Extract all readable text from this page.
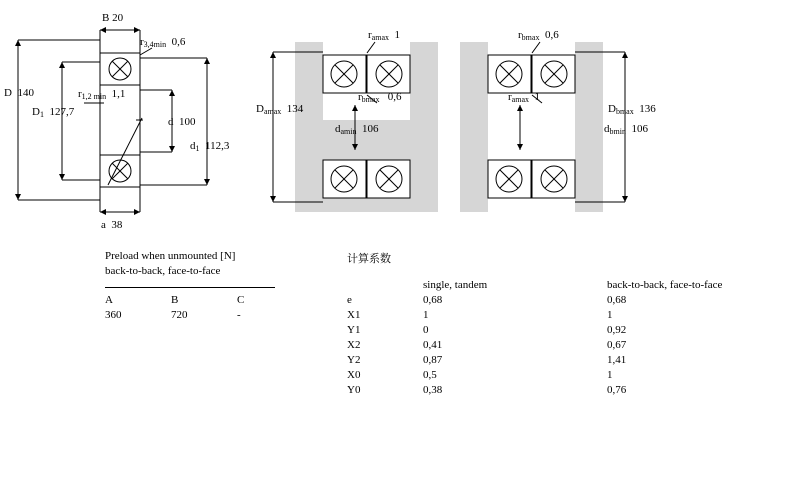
B 20
$r_{3,4min}$  0,6
$r_{1,2 min}$  1,1
D  140
$D_1$  127,7
d  100
$d_1$  112,3
a  38
$r_{amax}$  1	$r_{bmax}$  0,6
$D_{amax}$  134
$r_{bmax}$   0,6	$r_{amax}$  1
$d_{amin}$  106	$d_{bmin}$  106
$D_{bmax}$  136
Preload when unmounted [N]
back-to-back, face-to-face
A	B	C
360	720	-
计算系数
	single, tandem	back-to-back, face-to-face
e	0,68	0,68
X1	1	1
Y1	0	0,92
X2	0,41	0,67
Y2	0,87	1,41
X0	0,5	1
Y0	0,38	0,76
